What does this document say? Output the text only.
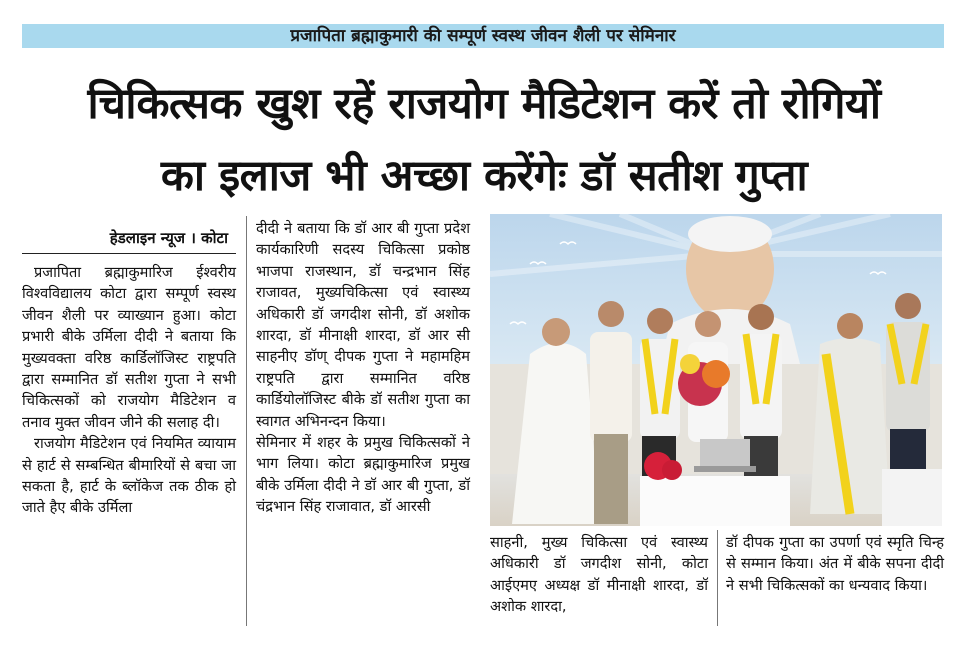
प्रजापिता ब्रह्माकुमारी की सम्पूर्ण स्वस्थ जीवन शैली पर सेमिनार
चिकित्सक खुश रहें राजयोग मैडिटेशन करें तो रोगियों
का इलाज भी अच्छा करेंगेः डॉ सतीश गुप्ता
हेडलाइन न्यूज । कोटा

प्रजापिता ब्रह्माकुमारिज ईश्वरीय विश्वविद्यालय कोटा द्वारा सम्पूर्ण स्वस्थ जीवन शैली पर व्याख्यान हुआ। कोटा प्रभारी बीके उर्मिला दीदी ने बताया कि मुख्यवक्ता वरिष्ठ कार्डिलॉजिस्ट राष्ट्रपति द्वारा सम्मानित डॉ सतीश गुप्ता ने सभी चिकित्सकों को राजयोग मैडिटेशन व तनाव मुक्त जीवन जीने की सलाह दी।

राजयोग मैडिटेशन एवं नियमित व्यायाम से हार्ट से सम्बन्धित बीमारियों से बचा जा सकता है, हार्ट के ब्लॉकेज तक ठीक हो जाते हैए बीके उर्मिला

दीदी ने बताया कि डॉ आर बी गुप्ता प्रदेश कार्यकारिणी सदस्य चिकित्सा प्रकोष्ठ भाजपा राजस्थान, डॉ चन्द्रभान सिंह राजावत, मुख्यचिकित्सा एवं स्वास्थ्य अधिकारी डॉ जगदीश सोनी, डॉ अशोक शारदा, डॉ मीनाक्षी शारदा, डॉ आर सी साहनीए डॉण् दीपक गुप्ता ने महामहिम राष्ट्रपति द्वारा सम्मानित वरिष्ठ कार्डियोलॉजिस्ट बीके डॉ सतीश गुप्ता का स्वागत अभिनन्दन किया।

सेमिनार में शहर के प्रमुख चिकित्सकों ने भाग लिया। कोटा ब्रह्माकुमारिज प्रमुख बीके उर्मिला दीदी ने डॉ आर बी गुप्ता, डॉ चंद्रभान सिंह राजावात, डॉ आरसी

साहनी, मुख्य चिकित्सा एवं स्वास्थ्य अधिकारी डॉ जगदीश सोनी, कोटा आईएमए अध्यक्ष डॉ मीनाक्षी शारदा, डॉ अशोक शारदा,

डॉ दीपक गुप्ता का उपर्णा एवं स्मृति चिन्ह से सम्मान किया। अंत में बीके सपना दीदी ने सभी चिकित्सकों का धन्यवाद किया।
